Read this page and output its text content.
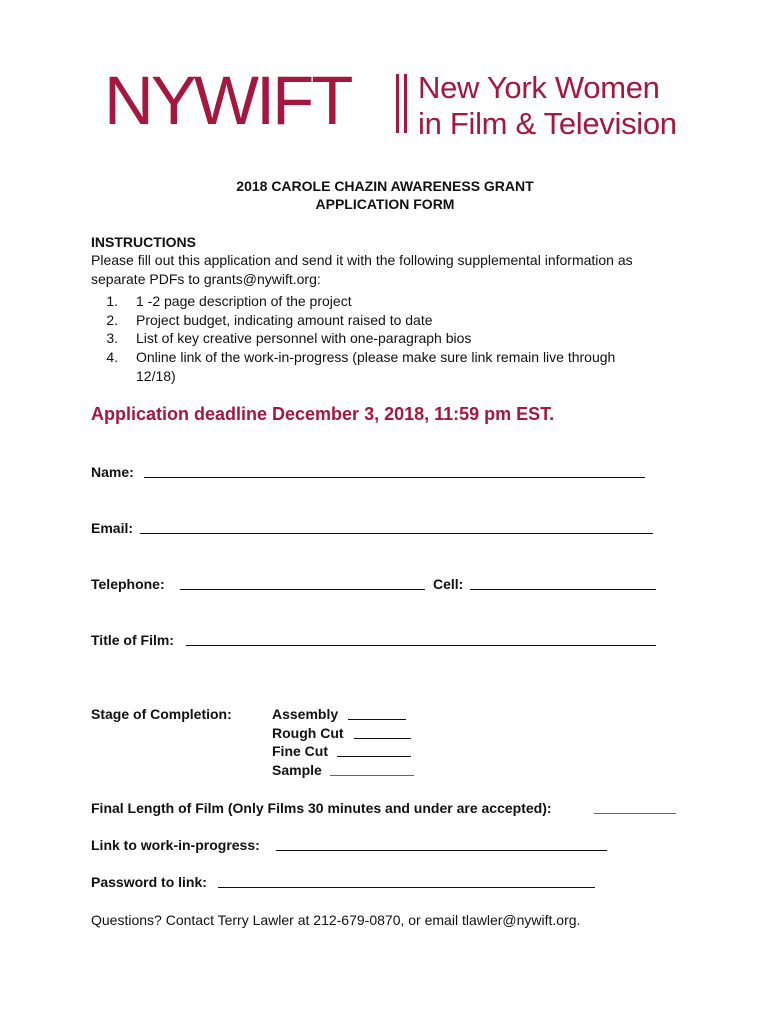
NYWIFT New York Women
in Film & Television
2018 CAROLE CHAZIN AWARENESS GRANT
APPLICATION FORM
INSTRUCTIONS
Please fill out this application and send it with the following supplemental information as
separate PDFs to grants@nywift.org:
1. 1 -2 page description of the project
2. Project budget, indicating amount raised to date
3. List of key creative personnel with one-paragraph bios
4. Online link of the work-in-progress (please make sure link remain live through
12/18)
Application deadline December 3, 2018, 11:59 pm EST.
Name:
Email:
Telephone:	Cell:
Title of Film:
Stage of Completion:	Assembly
Rough Cut
Fine Cut
Sample
Final Length of Film (Only Films 30 minutes and under are accepted):
Link to work-in-progress:
Password to link:
Questions? Contact Terry Lawler at 212-679-0870, or email tlawler@nywift.org.
